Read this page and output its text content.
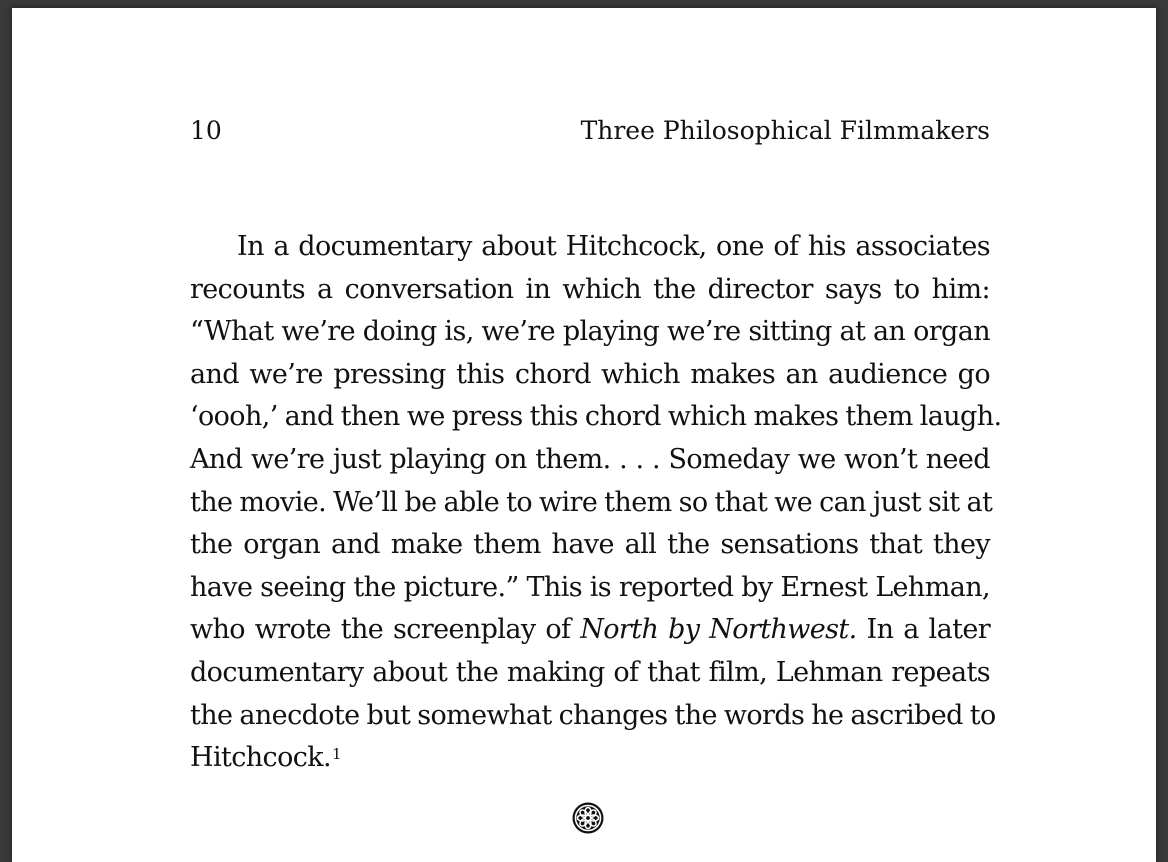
10	Three Philosophical Filmmakers
In a documentary about Hitchcock, one of his associates
recounts a conversation in which the director says to him:
“What we’re doing is, we’re playing we’re sitting at an organ
and we’re pressing this chord which makes an audience go
‘oooh,’ and then we press this chord which makes them laugh.
And we’re just playing on them. . . . Someday we won’t need
the movie. We’ll be able to wire them so that we can just sit at
the organ and make them have all the sensations that they
have seeing the picture.” This is reported by Ernest Lehman,
who wrote the screenplay of North by Northwest. In a later
documentary about the making of that film, Lehman repeats
the anecdote but somewhat changes the words he ascribed to
Hitchcock.$^1$
